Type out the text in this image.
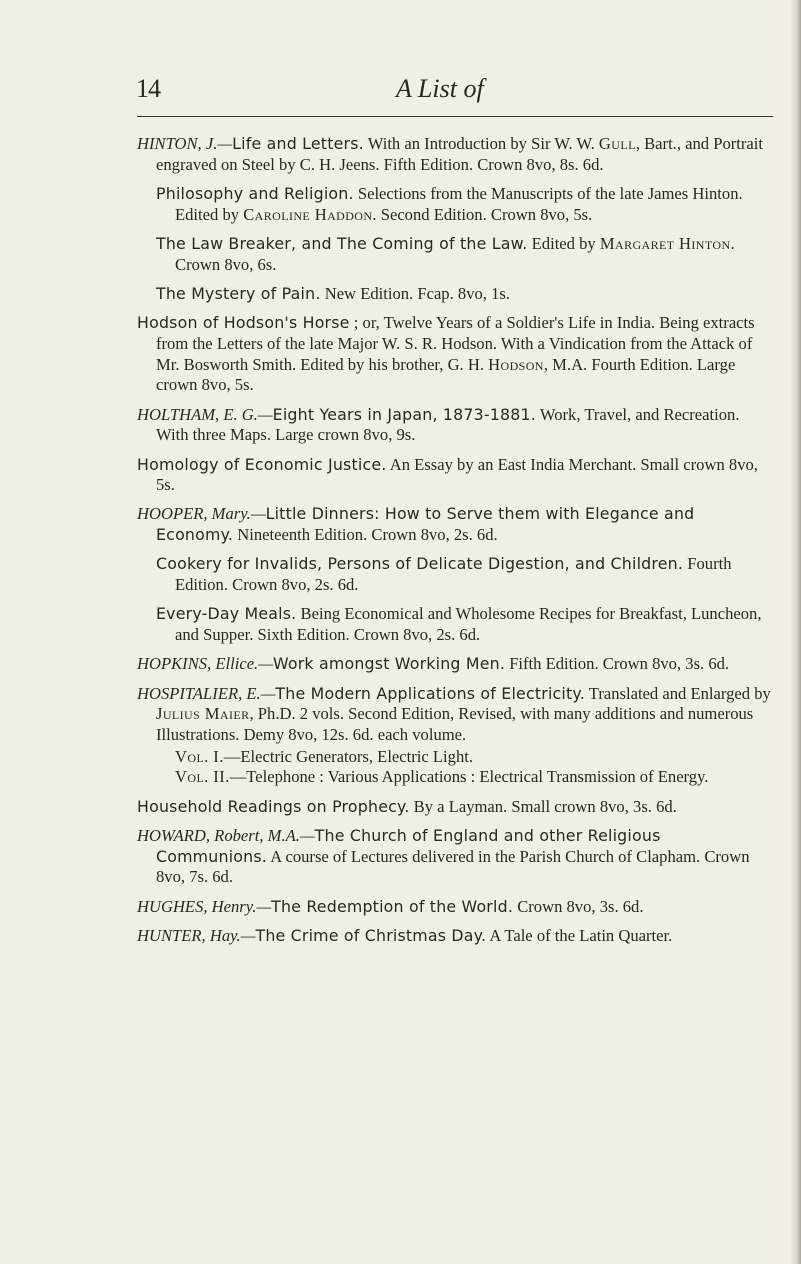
14	A List of
HINTON, J.—Life and Letters. With an Introduction by Sir W. W. Gull, Bart., and Portrait engraved on Steel by C. H. Jeens. Fifth Edition. Crown 8vo, 8s. 6d.
Philosophy and Religion. Selections from the Manuscripts of the late James Hinton. Edited by Caroline Haddon. Second Edition. Crown 8vo, 5s.
The Law Breaker, and The Coming of the Law. Edited by Margaret Hinton. Crown 8vo, 6s.
The Mystery of Pain. New Edition. Fcap. 8vo, 1s.
Hodson of Hodson's Horse ; or, Twelve Years of a Soldier's Life in India. Being extracts from the Letters of the late Major W. S. R. Hodson. With a Vindication from the Attack of Mr. Bosworth Smith. Edited by his brother, G. H. Hodson, M.A. Fourth Edition. Large crown 8vo, 5s.
HOLTHAM, E. G.—Eight Years in Japan, 1873-1881. Work, Travel, and Recreation. With three Maps. Large crown 8vo, 9s.
Homology of Economic Justice. An Essay by an East India Merchant. Small crown 8vo, 5s.
HOOPER, Mary.—Little Dinners: How to Serve them with Elegance and Economy. Nineteenth Edition. Crown 8vo, 2s. 6d.
Cookery for Invalids, Persons of Delicate Digestion, and Children. Fourth Edition. Crown 8vo, 2s. 6d.
Every-Day Meals. Being Economical and Wholesome Recipes for Breakfast, Luncheon, and Supper. Sixth Edition. Crown 8vo, 2s. 6d.
HOPKINS, Ellice.—Work amongst Working Men. Fifth Edition. Crown 8vo, 3s. 6d.
HOSPITALIER, E.—The Modern Applications of Electricity. Translated and Enlarged by Julius Maier, Ph.D. 2 vols. Second Edition, Revised, with many additions and numerous Illustrations. Demy 8vo, 12s. 6d. each volume.
Vol. I.—Electric Generators, Electric Light.
Vol. II.—Telephone : Various Applications : Electrical Transmission of Energy.
Household Readings on Prophecy. By a Layman. Small crown 8vo, 3s. 6d.
HOWARD, Robert, M.A.—The Church of England and other Religious Communions. A course of Lectures delivered in the Parish Church of Clapham. Crown 8vo, 7s. 6d.
HUGHES, Henry.—The Redemption of the World. Crown 8vo, 3s. 6d.
HUNTER, Hay.—The Crime of Christmas Day. A Tale of the Latin Quarter.
